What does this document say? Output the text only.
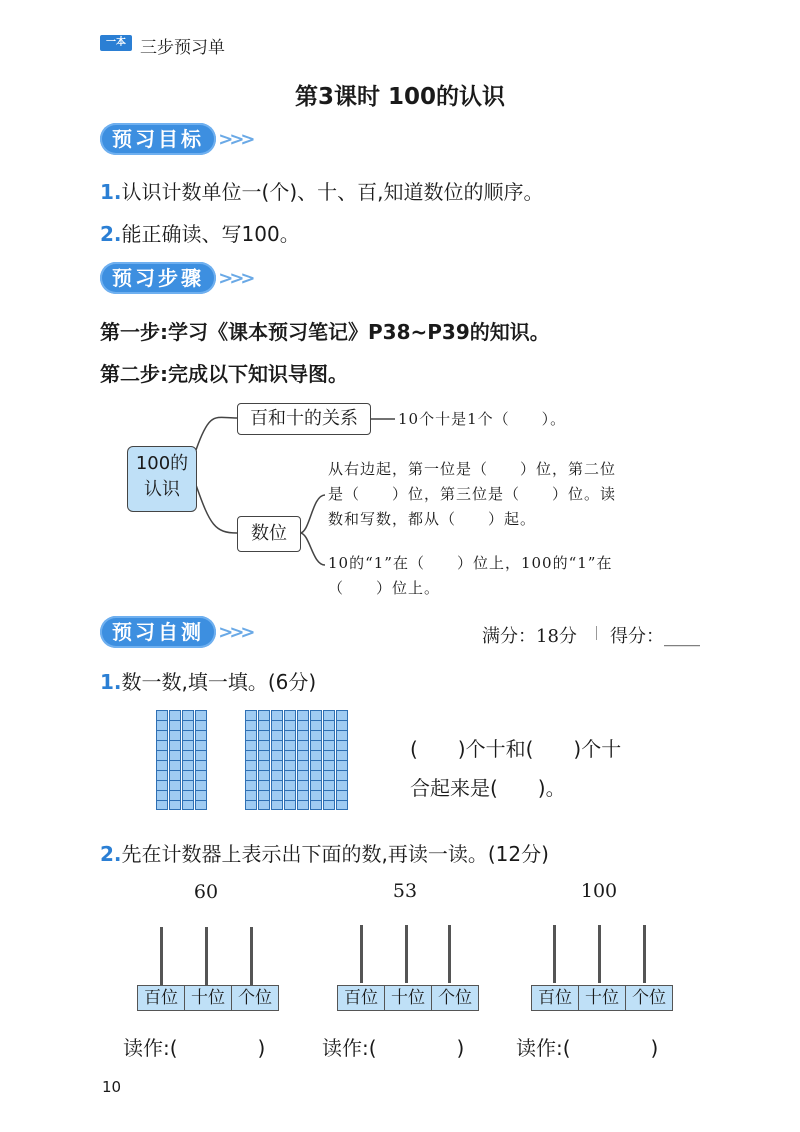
一本 三步预习单
第3课时 100的认识
预习目标 >>>
1.认识计数单位一(个)、十、百,知道数位的顺序。
2.能正确读、写100。
预习步骤 >>>
第一步:学习《课本预习笔记》P38~P39的知识。
第二步:完成以下知识导图。
100的
认识
百和十的关系	10个十是1个（　　）。
数位
从右边起，第一位是（　　）位，第二位
是（　　）位，第三位是（　　）位。读
数和写数，都从（　　）起。
10的“1”在（　　）位上，100的“1”在
（　　）位上。
预习自测 >>>	满分：18分 得分：____
1.数一数,填一填。(6分)
(　　)个十和(　　)个十
合起来是(　　)。
2.先在计数器上表示出下面的数,再读一读。(12分)
60
百位 十位 个位
读作:(　　　　)
53
百位 十位 个位
读作:(　　　　)
100
百位 十位 个位
读作:(　　　　)
10
